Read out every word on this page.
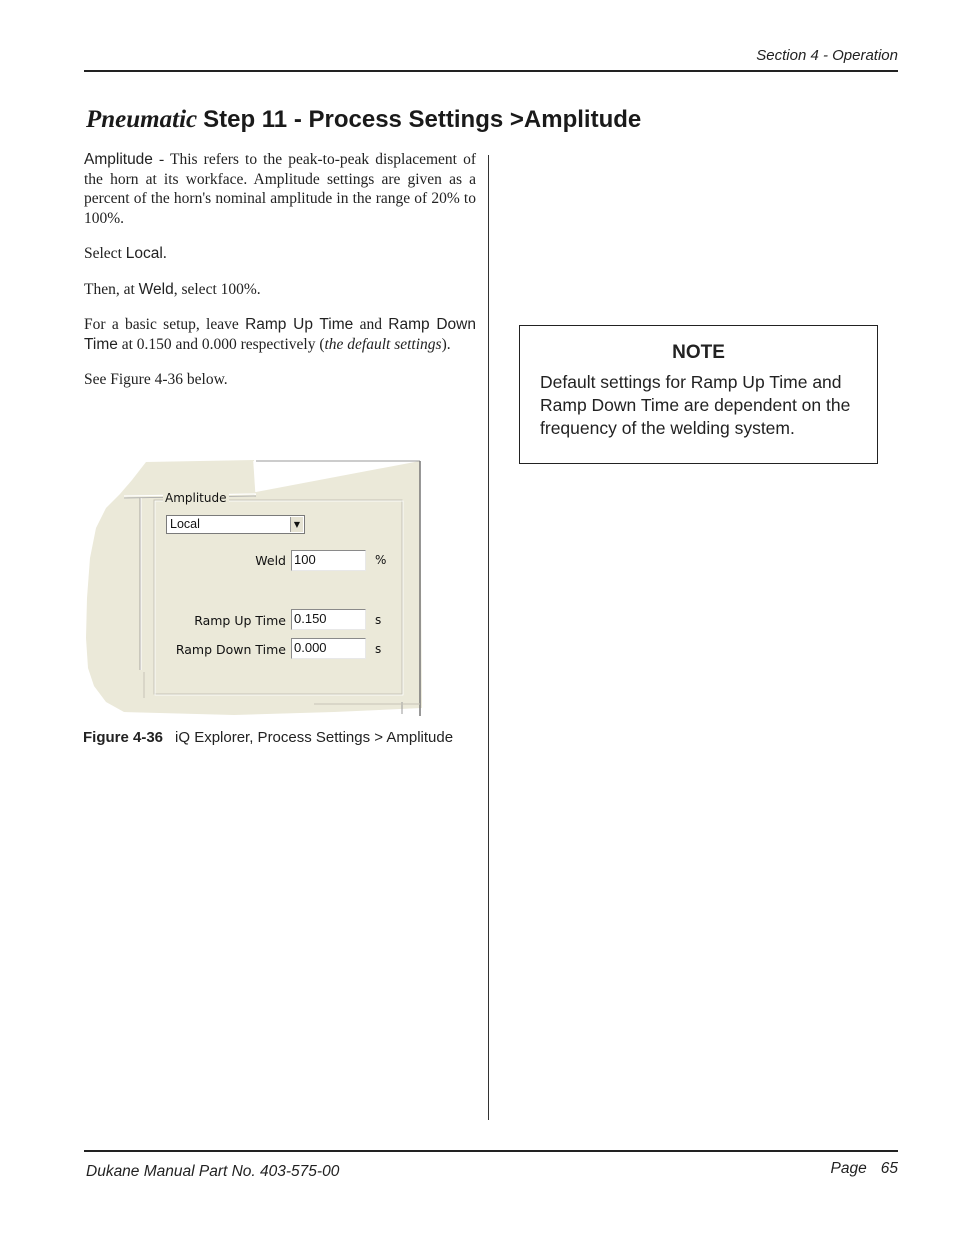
Section 4 - Operation
Pneumatic Step 11 - Process Settings >Amplitude

Amplitude - This refers to the peak-to-peak displacement of the horn at its workface. Amplitude settings are given as a percent of the horn's nominal amplitude in the range of 20% to 100%.

Select Local.

Then, at Weld, select 100%.

For a basic setup, leave Ramp Up Time and Ramp Down Time at 0.150 and 0.000 respectively (the default settings).

See Figure 4-36 below.

Amplitude
Local	▼
Weld 100	%
Ramp Up Time 0.150	s
Ramp Down Time 0.000	s
Figure 4-36 iQ Explorer, Process Settings > Amplitude
NOTE
Default settings for Ramp Up Time and Ramp Down Time are dependent on the frequency of the welding system.
Dukane Manual Part No. 403-575-00	Page 65
